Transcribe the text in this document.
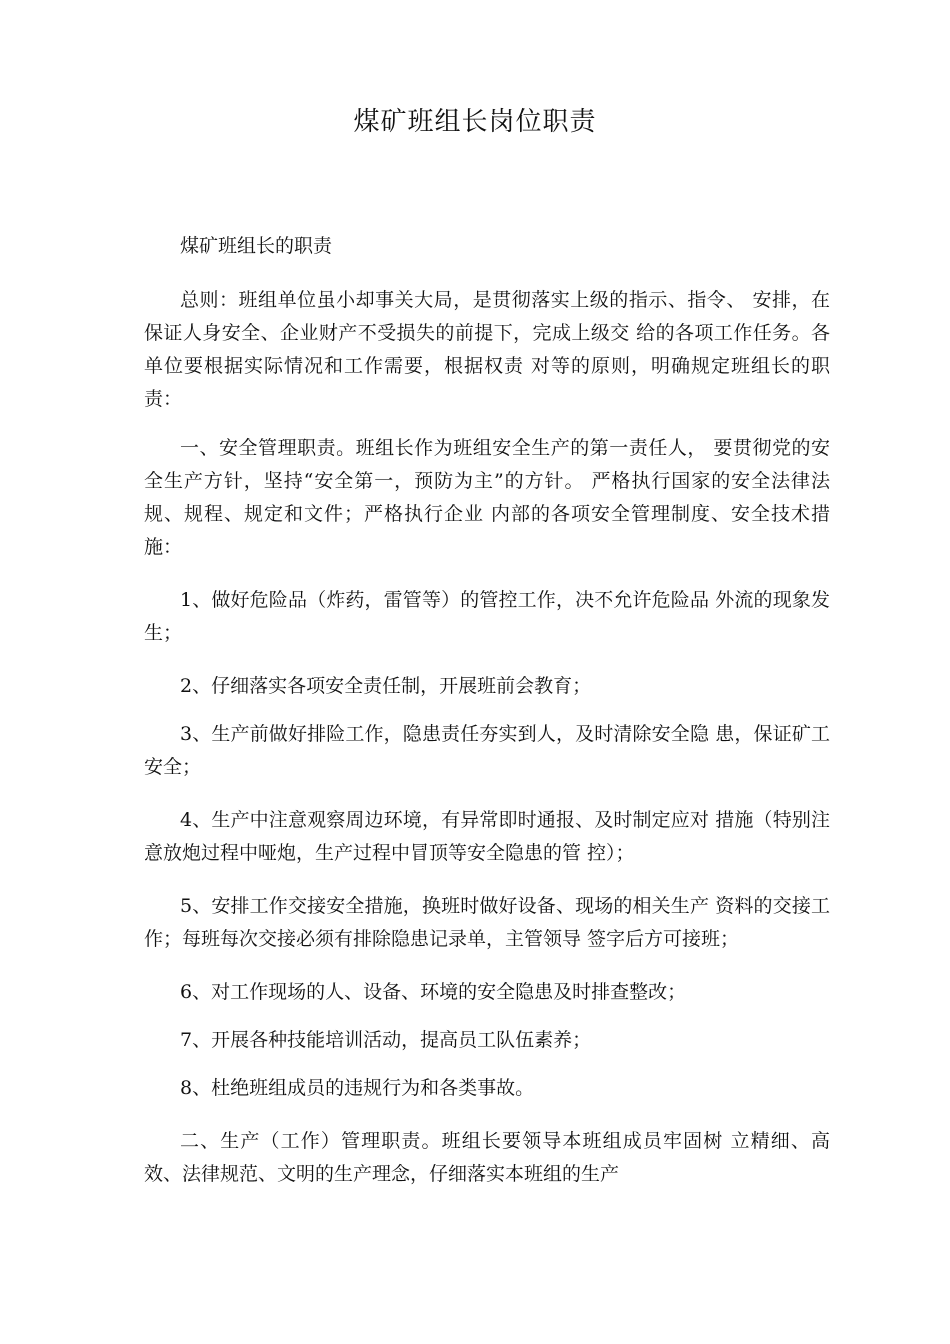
煤矿班组长岗位职责

煤矿班组长的职责

总则：班组单位虽小却事关大局，是贯彻落实上级的指示、指令、 安排，在保证人身安全、企业财产不受损失的前提下，完成上级交 给的各项工作任务。各单位要根据实际情况和工作需要，根据权责 对等的原则，明确规定班组长的职责：

一、安全管理职责。班组长作为班组安全生产的第一责任人， 要贯彻党的安全生产方针，坚持“安全第一，预防为主”的方针。 严格执行国家的安全法律法规、规程、规定和文件；严格执行企业 内部的各项安全管理制度、安全技术措施：

1、做好危险品（炸药，雷管等）的管控工作，决不允许危险品 外流的现象发生；

2、仔细落实各项安全责任制，开展班前会教育；

3、生产前做好排险工作，隐患责任夯实到人，及时清除安全隐 患，保证矿工安全；

4、生产中注意观察周边环境，有异常即时通报、及时制定应对 措施（特别注意放炮过程中哑炮，生产过程中冒顶等安全隐患的管 控）；

5、安排工作交接安全措施，换班时做好设备、现场的相关生产 资料的交接工作；每班每次交接必须有排除隐患记录单，主管领导 签字后方可接班；

6、对工作现场的人、设备、环境的安全隐患及时排查整改；

7、开展各种技能培训活动，提高员工队伍素养；

8、杜绝班组成员的违规行为和各类事故。

二、生产（工作）管理职责。班组长要领导本班组成员牢固树 立精细、高效、法律规范、文明的生产理念，仔细落实本班组的生产
